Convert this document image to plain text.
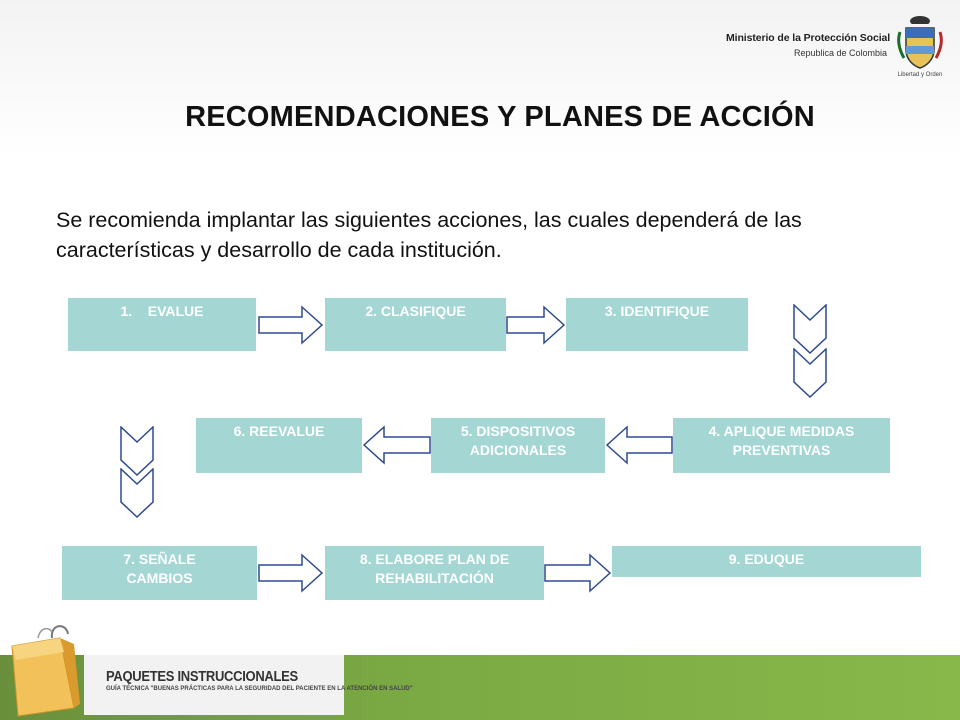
Ministerio de la Protección Social
Republica de Colombia
Libertad y Orden
RECOMENDACIONES Y PLANES DE ACCIÓN
Se recomienda implantar las siguientes acciones, las cuales dependerá de las características y desarrollo de cada institución.
1.    EVALUE	2. CLASIFIQUE	3. IDENTIFIQUE
6. REEVALUE	5. DISPOSITIVOS
ADICIONALES
4. APLIQUE MEDIDAS
PREVENTIVAS
7. SEÑALE
CAMBIOS
8. ELABORE PLAN DE
REHABILITACIÓN
9. EDUQUE
PAQUETES INSTRUCCIONALES
GUÍA TÉCNICA "BUENAS PRÁCTICAS PARA LA SEGURIDAD DEL PACIENTE EN LA ATENCIÓN EN SALUD"
